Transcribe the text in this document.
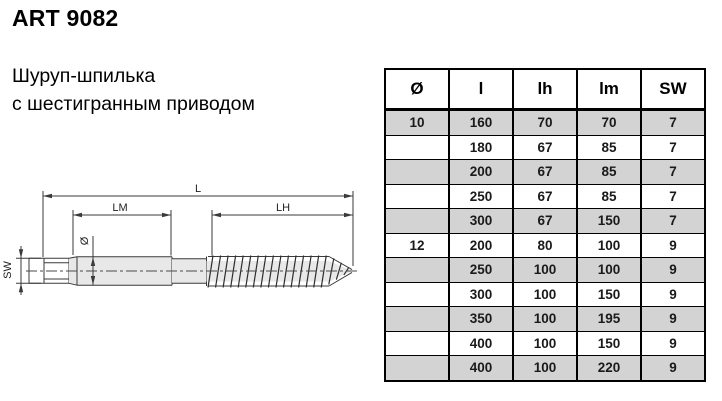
ART 9082
Шуруп-шпилька
с шестигранным приводом
L
LM	LH
SW
Ø
Ø	l	lh	lm	SW
10	160	70	70	7
	180	67	85	7
	200	67	85	7
	250	67	85	7
	300	67	150	7
12	200	80	100	9
	250	100	100	9
	300	100	150	9
	350	100	195	9
	400	100	150	9
	400	100	220	9
